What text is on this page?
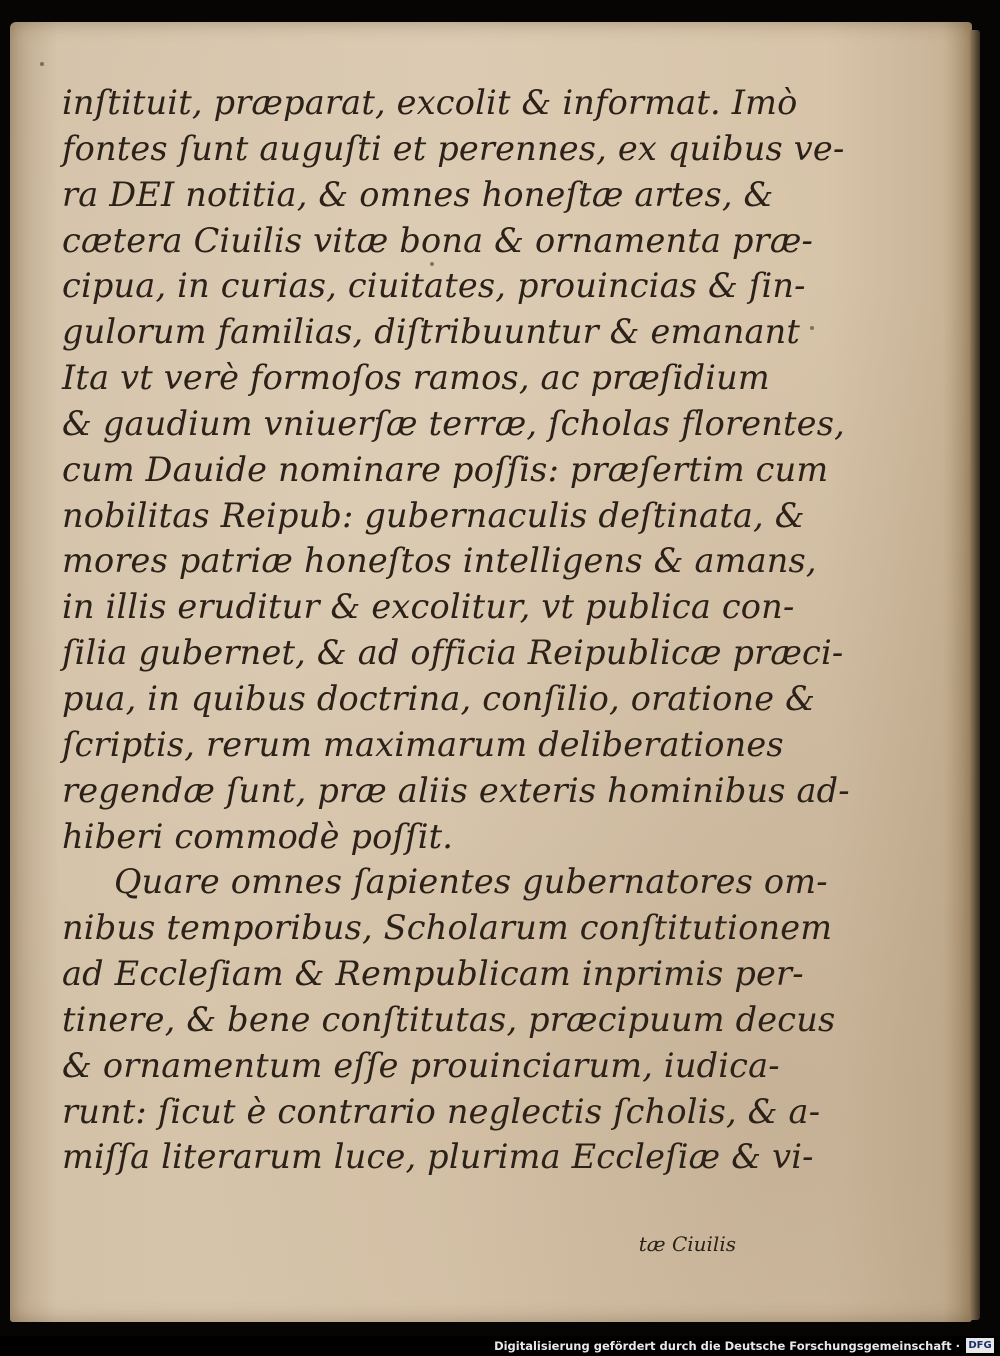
inſtituit, præparat, excolit & informat. Imò
fontes ſunt auguſti et perennes, ex quibus ve-
ra DEI notitia, & omnes honeſtæ artes, &
cætera Ciuilis vitæ bona & ornamenta præ-
cipua, in curias, ciuitates, prouincias & ſin-
gulorum familias, diſtribuuntur & emanant
Ita vt verè formoſos ramos, ac præſidium
& gaudium vniuerſæ terræ, ſcholas florentes,
cum Dauide nominare poſſis: præſertim cum
nobilitas Reipub: gubernaculis deſtinata, &
mores patriæ honeſtos intelligens & amans,
in illis eruditur & excolitur, vt publica con-
ſilia gubernet, & ad officia Reipublicæ præci-
pua, in quibus doctrina, conſilio, oratione &
ſcriptis, rerum maximarum deliberationes
regendæ ſunt, præ aliis exteris hominibus ad-
hiberi commodè poſſit.
Quare omnes ſapientes gubernatores om-
nibus temporibus, Scholarum conſtitutionem
ad Eccleſiam & Rempublicam inprimis per-
tinere, & bene conſtitutas, præcipuum decus
& ornamentum eſſe prouinciarum, iudica-
runt: ſicut è contrario neglectis ſcholis, & a-
miſſa literarum luce, plurima Eccleſiæ & vi-
tæ Ciuilis
Digitalisierung gefördert durch die Deutsche Forschungsgemeinschaft · DFG
